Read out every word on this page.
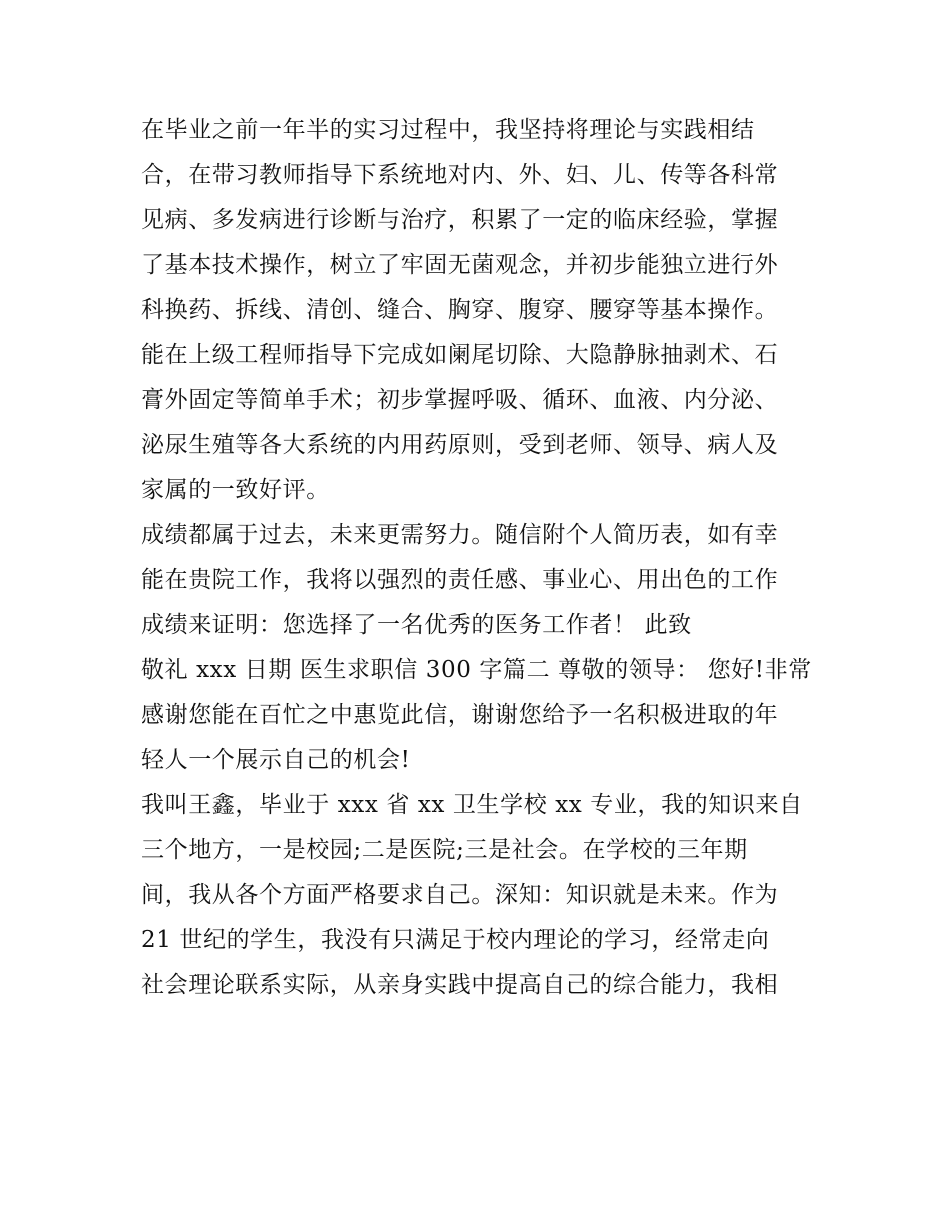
在毕业之前一年半的实习过程中，我坚持将理论与实践相结
合，在带习教师指导下系统地对内、外、妇、儿、传等各科常
见病、多发病进行诊断与治疗，积累了一定的临床经验，掌握
了基本技术操作，树立了牢固无菌观念，并初步能独立进行外
科换药、拆线、清创、缝合、胸穿、腹穿、腰穿等基本操作。
能在上级工程师指导下完成如阑尾切除、大隐静脉抽剥术、石
膏外固定等简单手术；初步掌握呼吸、循环、血液、内分泌、
泌尿生殖等各大系统的内用药原则，受到老师、领导、病人及
家属的一致好评。
成绩都属于过去，未来更需努力。随信附个人简历表，如有幸
能在贵院工作，我将以强烈的责任感、事业心、用出色的工作
成绩来证明：您选择了一名优秀的医务工作者！ 此致
敬礼 xxx 日期 医生求职信 300 字篇二 尊敬的领导： 您好!非常
感谢您能在百忙之中惠览此信，谢谢您给予一名积极进取的年
轻人一个展示自己的机会!
我叫王鑫，毕业于 xxx 省 xx 卫生学校 xx 专业，我的知识来自
三个地方，一是校园;二是医院;三是社会。在学校的三年期
间，我从各个方面严格要求自己。深知：知识就是未来。作为
21 世纪的学生，我没有只满足于校内理论的学习，经常走向
社会理论联系实际，从亲身实践中提高自己的综合能力，我相
